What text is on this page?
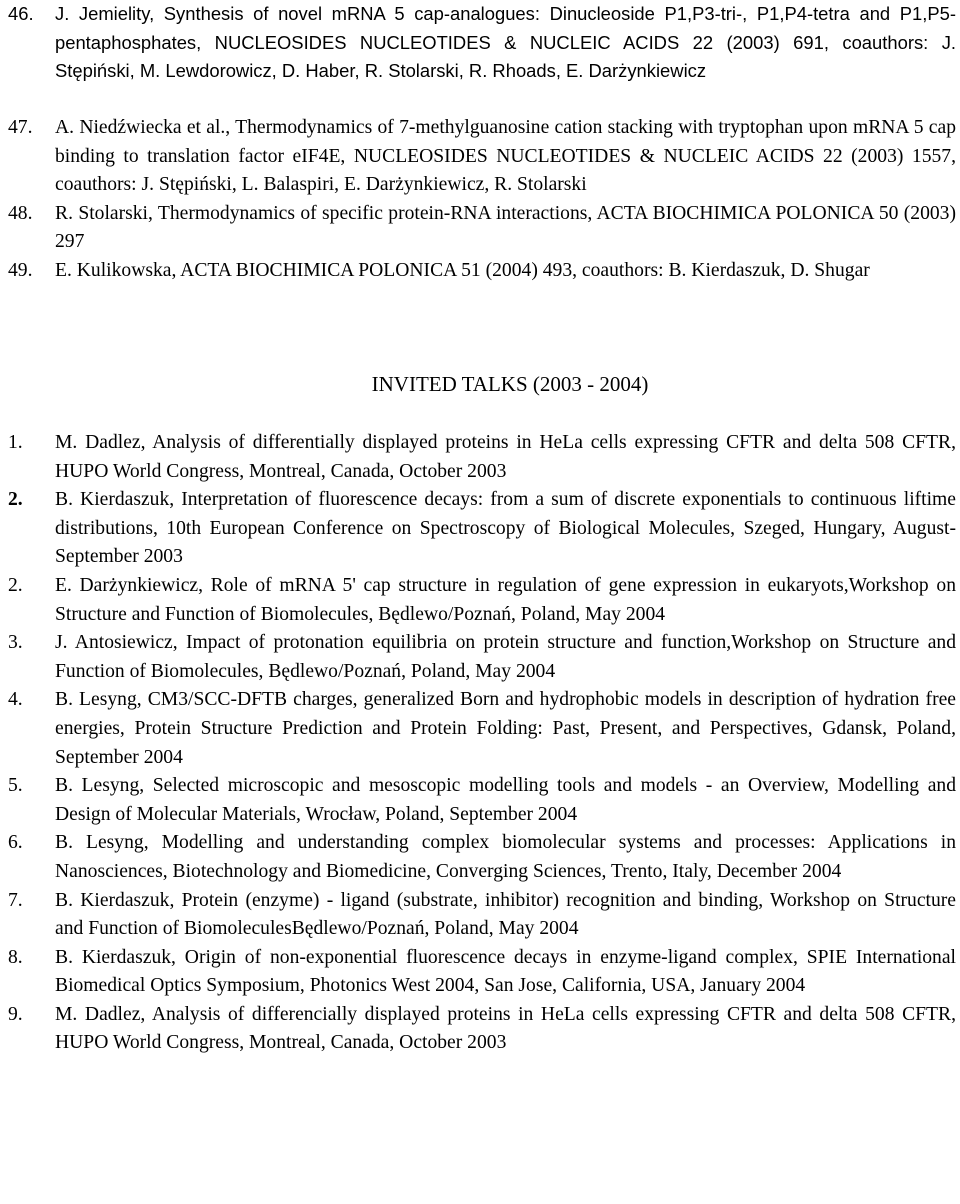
46. J. Jemielity, Synthesis of novel mRNA 5 cap-analogues: Dinucleoside P1,P3-tri-, P1,P4-tetra and P1,P5-pentaphosphates, NUCLEOSIDES NUCLEOTIDES & NUCLEIC ACIDS 22 (2003) 691, coauthors: J. Stępiński, M. Lewdorowicz, D. Haber, R. Stolarski, R. Rhoads, E. Darżynkiewicz
47. A. Niedźwiecka et al., Thermodynamics of 7-methylguanosine cation stacking with tryptophan upon mRNA 5 cap binding to translation factor eIF4E, NUCLEOSIDES NUCLEOTIDES & NUCLEIC ACIDS 22 (2003) 1557, coauthors: J. Stępiński, L. Balaspiri, E. Darżynkiewicz, R. Stolarski
48. R. Stolarski, Thermodynamics of specific protein-RNA interactions, ACTA BIOCHIMICA POLONICA 50 (2003) 297
49. E. Kulikowska, ACTA BIOCHIMICA POLONICA 51 (2004) 493, coauthors: B. Kierdaszuk, D. Shugar
INVITED TALKS (2003 - 2004)
1. M. Dadlez, Analysis of differentially displayed proteins in HeLa cells expressing CFTR and delta 508 CFTR, HUPO World Congress, Montreal, Canada, October 2003
2. B. Kierdaszuk, Interpretation of fluorescence decays: from a sum of discrete exponentials to continuous liftime distributions, 10th European Conference on Spectroscopy of Biological Molecules, Szeged, Hungary, August-September 2003
2. E. Darżynkiewicz, Role of mRNA 5' cap structure in regulation of gene expression in eukaryots,Workshop on Structure and Function of Biomolecules, Będlewo/Poznań, Poland, May 2004
3. J. Antosiewicz, Impact of protonation equilibria on protein structure and function,Workshop on Structure and Function of Biomolecules, Będlewo/Poznań, Poland, May 2004
4. B. Lesyng, CM3/SCC-DFTB charges, generalized Born and hydrophobic models in description of hydration free energies, Protein Structure Prediction and Protein Folding: Past, Present, and Perspectives, Gdansk, Poland, September 2004
5. B. Lesyng, Selected microscopic and mesoscopic modelling tools and models - an Overview, Modelling and Design of Molecular Materials, Wrocław, Poland, September 2004
6. B. Lesyng, Modelling and understanding complex biomolecular systems and processes: Applications in Nanosciences, Biotechnology and Biomedicine, Converging Sciences, Trento, Italy, December 2004
7. B. Kierdaszuk, Protein (enzyme) - ligand (substrate, inhibitor) recognition and binding, Workshop on Structure and Function of BiomoleculesBędlewo/Poznań, Poland, May 2004
8. B. Kierdaszuk, Origin of non-exponential fluorescence decays in enzyme-ligand complex, SPIE International Biomedical Optics Symposium, Photonics West 2004, San Jose, California, USA, January 2004
9. M. Dadlez, Analysis of differencially displayed proteins in HeLa cells expressing CFTR and delta 508 CFTR, HUPO World Congress, Montreal, Canada, October 2003
